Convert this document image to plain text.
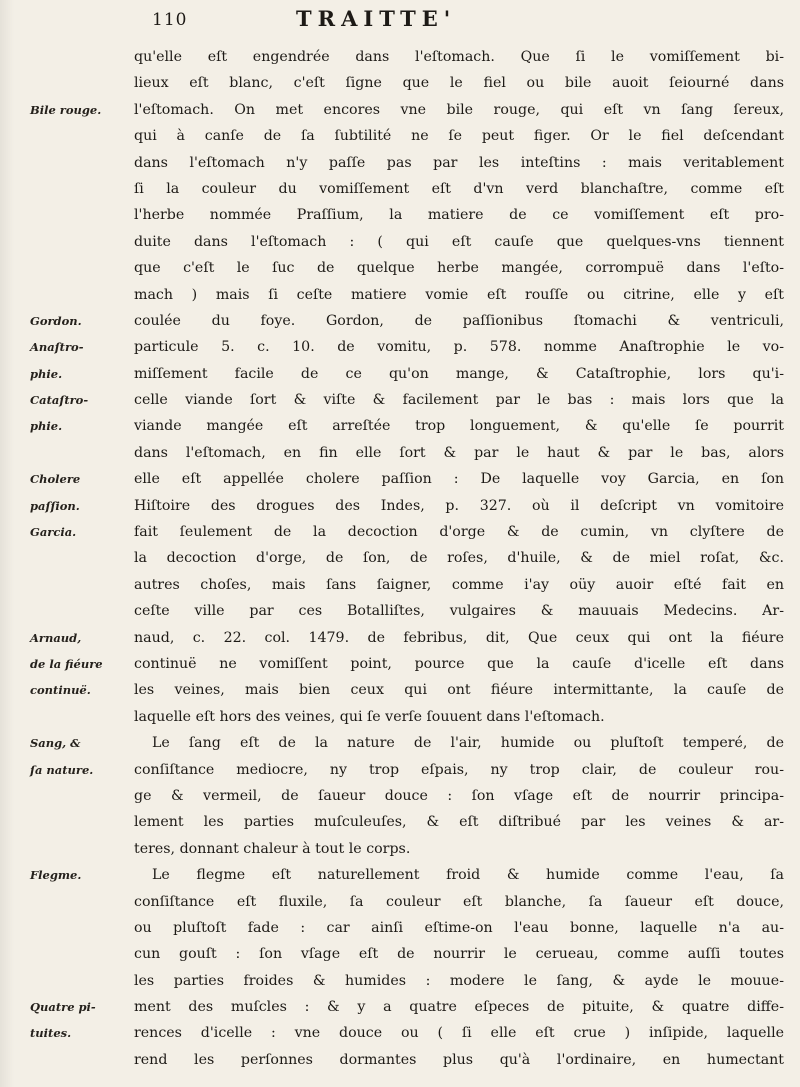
110	TRAITTE'
qu'elle eſt engendrée dans l'eſtomach. Que ſi le vomiſſement bi-
lieux eſt blanc, c'eſt ſigne que le fiel ou bile auoit ſeiourné dans
l'eſtomach. On met encores vne bile rouge, qui eſt vn ſang ſereux,
Bile rouge.
qui à canſe de ſa ſubtilité ne ſe peut figer. Or le fiel deſcendant
dans l'eſtomach n'y paſſe pas par les inteſtins : mais veritablement
ſi la couleur du vomiſſement eſt d'vn verd blanchaſtre, comme eſt
l'herbe nommée Praſſium, la matiere de ce vomiſſement eſt pro-
duite dans l'eſtomach : ( qui eſt cauſe que quelques-vns tiennent
que c'eſt le ſuc de quelque herbe mangée, corrompuë dans l'eſto-
mach ) mais ſi ceſte matiere vomie eſt rouſſe ou citrine, elle y eſt
coulée du foye. Gordon, de paſſionibus ſtomachi & ventriculi,
Gordon.
particule 5. c. 10. de vomitu, p. 578. nomme Anaſtrophie le vo-
Anaſtro-
miſſement facile de ce qu'on mange, & Cataſtrophie, lors qu'i-
phie.
celle viande ſort & viſte & facilement par le bas : mais lors que la
Cataſtro-
viande mangée eſt arreſtée trop longuement, & qu'elle ſe pourrit
phie.
dans l'eſtomach, en fin elle ſort & par le haut & par le bas, alors
elle eſt appellée cholere paſſion : De laquelle voy Garcia, en ſon
Cholere
Hiſtoire des drogues des Indes, p. 327. où il deſcript vn vomitoire
paſſion.
fait ſeulement de la decoction d'orge & de cumin, vn clyſtere de
Garcia.
la decoction d'orge, de ſon, de roſes, d'huile, & de miel roſat, &c.
autres choſes, mais ſans ſaigner, comme i'ay oüy auoir eſté fait en
ceſte ville par ces Botalliſtes, vulgaires & mauuais Medecins. Ar-
naud, c. 22. col. 1479. de febribus, dit, Que ceux qui ont la fiéure
Arnaud,
continuë ne vomiſſent point, pource que la cauſe d'icelle eſt dans
de la fiéure
les veines, mais bien ceux qui ont fiéure intermittante, la cauſe de
continuë.
laquelle eſt hors des veines, qui ſe verſe ſouuent dans l'eſtomach.
Le ſang eſt de la nature de l'air, humide ou pluſtoſt temperé, de
Sang, &
conſiſtance mediocre, ny trop eſpais, ny trop clair, de couleur rou-
ſa nature.
ge & vermeil, de ſaueur douce : ſon vſage eſt de nourrir principa-
lement les parties muſculeuſes, & eſt diſtribué par les veines & ar-
teres, donnant chaleur à tout le corps.
Le flegme eſt naturellement froid & humide comme l'eau, ſa
Flegme.
conſiſtance eſt fluxile, ſa couleur eſt blanche, ſa ſaueur eſt douce,
ou pluſtoſt fade : car ainſi eſtime-on l'eau bonne, laquelle n'a au-
cun gouſt : ſon vſage eſt de nourrir le cerueau, comme auſſi toutes
les parties froides & humides : modere le ſang, & ayde le mouue-
ment des muſcles : & y a quatre eſpeces de pituite, & quatre diffe-
Quatre pi-
rences d'icelle : vne douce ou ( ſi elle eſt crue ) inſipide, laquelle
tuites.
rend les perſonnes dormantes plus qu'à l'ordinaire, en humectant
